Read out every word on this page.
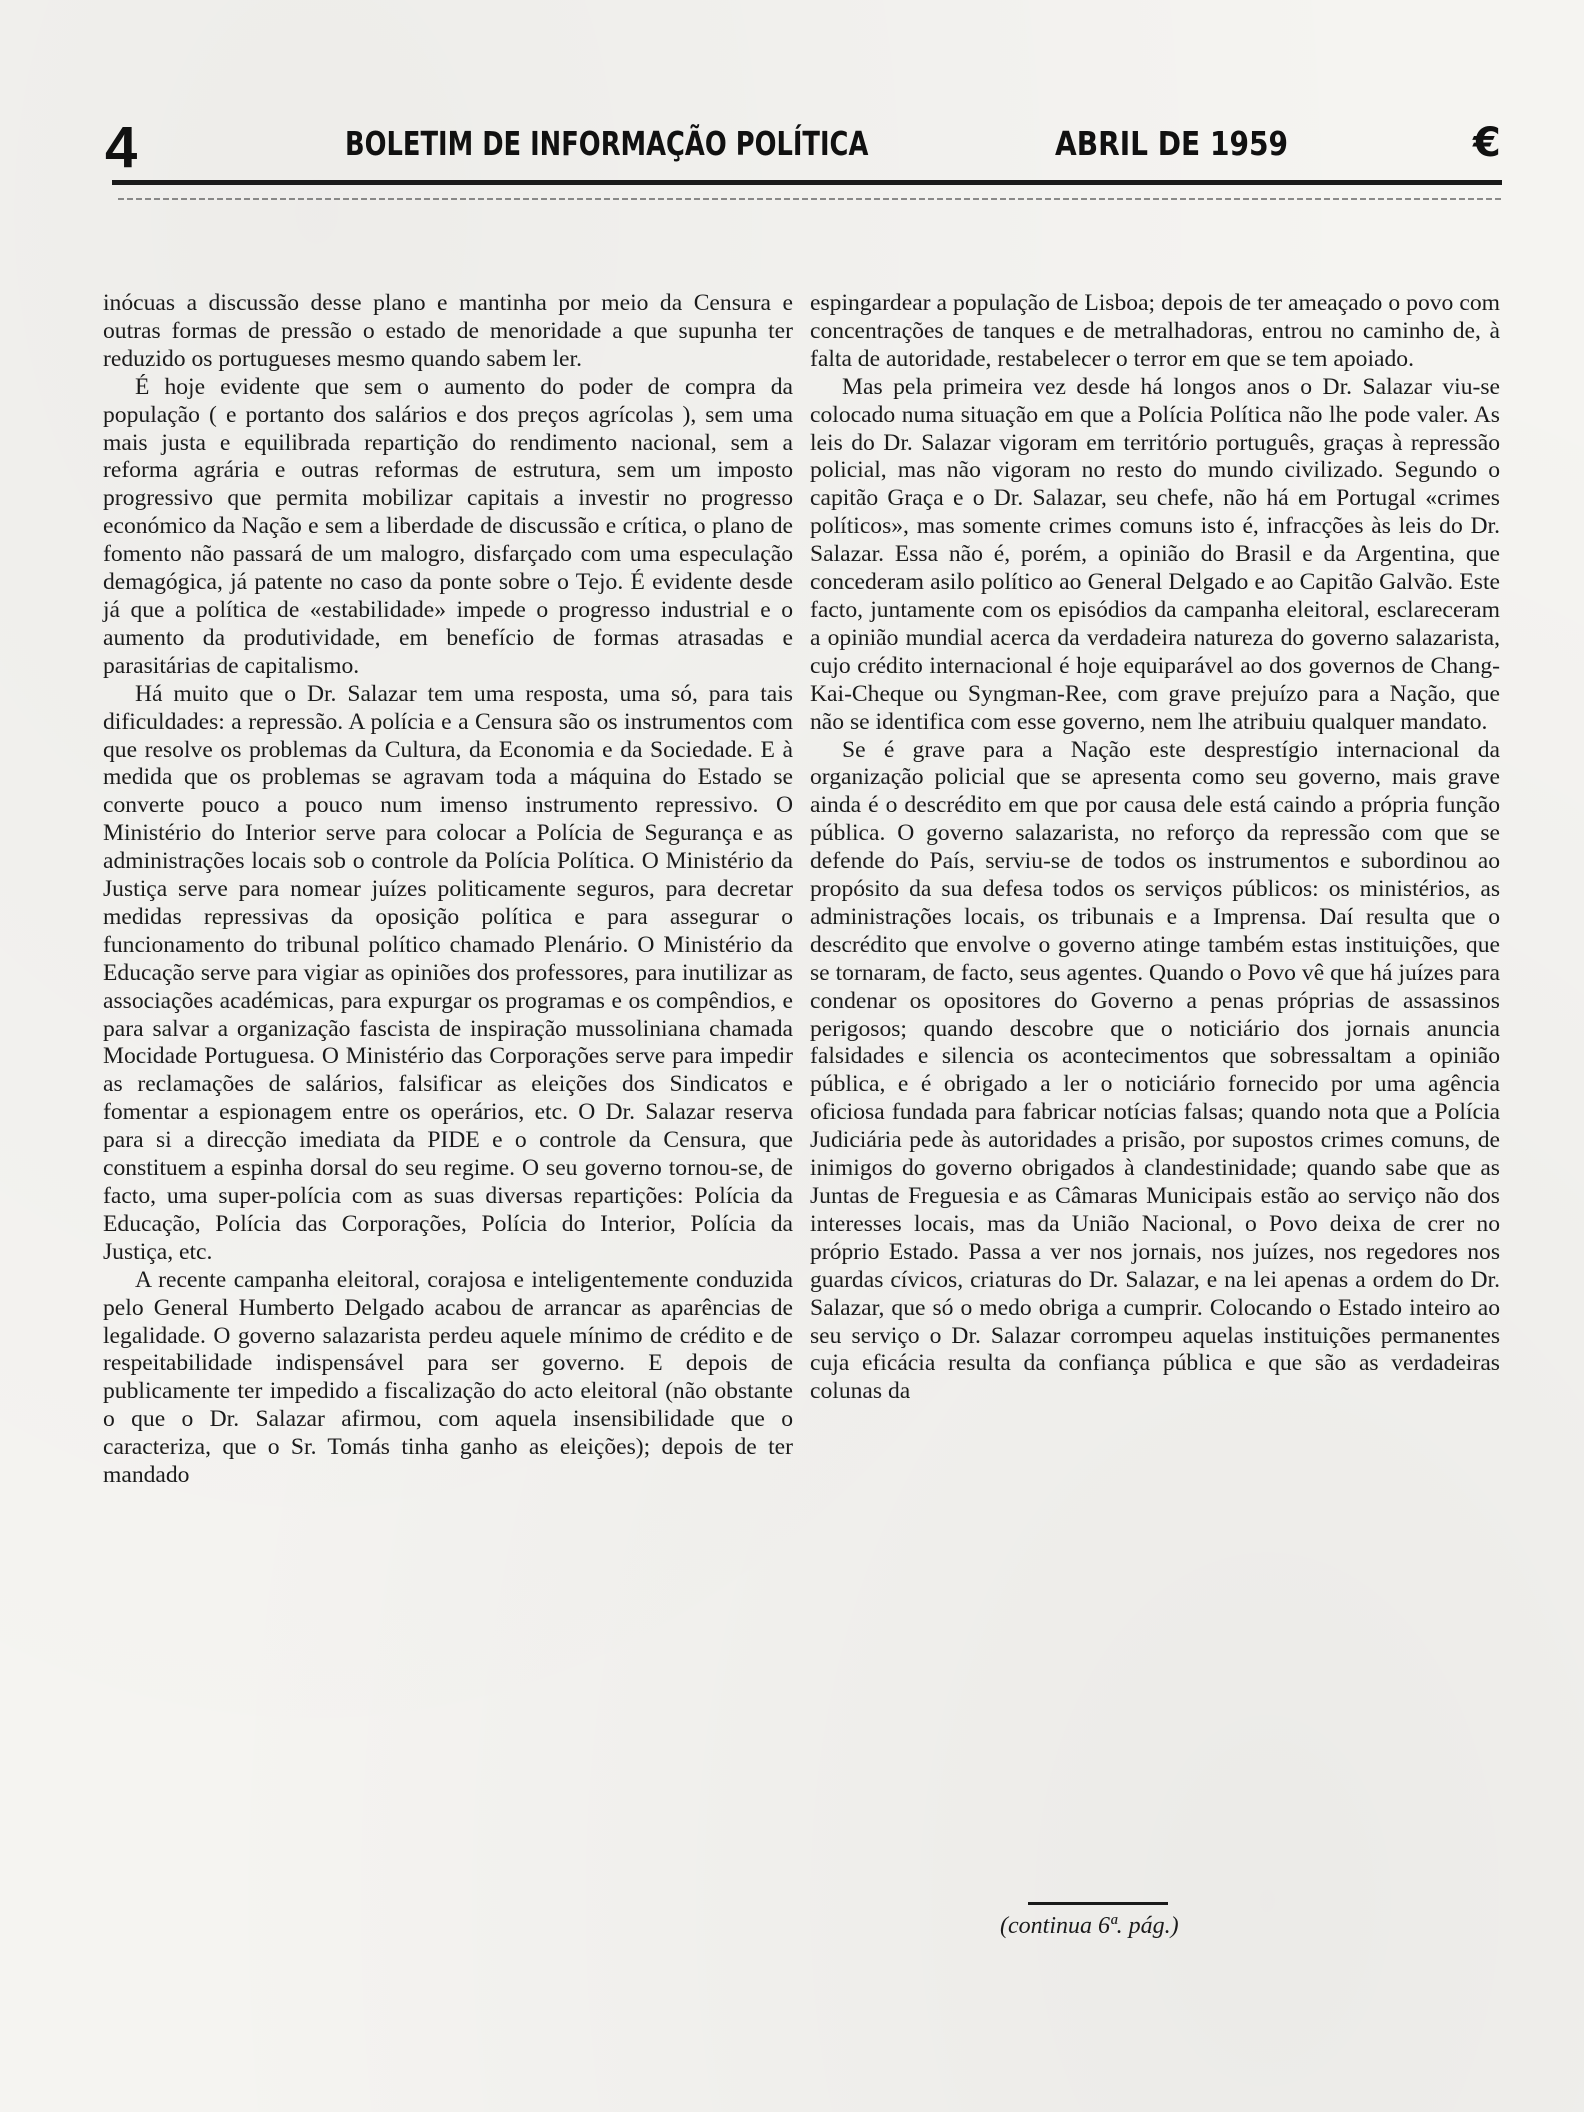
4	BOLETIM DE INFORMAÇÃO POLÍTICA	ABRIL DE 1959	€

inócuas a discussão desse plano e mantinha por meio da Censura e outras formas de pressão o estado de menoridade a que supunha ter reduzido os portugueses mesmo quando sabem ler.

É hoje evidente que sem o aumento do poder de compra da população ( e portanto dos salários e dos preços agrícolas ), sem uma mais justa e equilibrada repartição do rendimento nacional, sem a reforma agrária e outras reformas de estrutura, sem um imposto progressivo que permita mobilizar capitais a investir no progresso económico da Nação e sem a liberdade de discussão e crítica, o plano de fomento não passará de um malogro, disfarçado com uma especulação demagógica, já patente no caso da ponte sobre o Tejo. É evidente desde já que a política de «estabilidade» impede o progresso industrial e o aumento da produtividade, em benefício de formas atrasadas e parasitárias de capitalismo.

Há muito que o Dr. Salazar tem uma resposta, uma só, para tais dificuldades: a repressão. A polícia e a Censura são os instrumentos com que resolve os problemas da Cultura, da Economia e da Sociedade. E à medida que os problemas se agravam toda a máquina do Estado se converte pouco a pouco num imenso instrumento repressivo. O Ministério do Interior serve para colocar a Polícia de Segurança e as administrações locais sob o controle da Polícia Política. O Ministério da Justiça serve para nomear juízes politicamente seguros, para decretar medidas repressivas da oposição política e para assegurar o funcionamento do tribunal político chamado Plenário. O Ministério da Educação serve para vigiar as opiniões dos professores, para inutilizar as associações académicas, para expurgar os programas e os compêndios, e para salvar a organização fascista de inspiração mussoliniana chamada Mocidade Portuguesa. O Ministério das Corporações serve para impedir as reclamações de salários, falsificar as eleições dos Sindicatos e fomentar a espionagem entre os operários, etc. O Dr. Salazar reserva para si a direcção imediata da PIDE e o controle da Censura, que constituem a espinha dorsal do seu regime. O seu governo tornou-se, de facto, uma super-polícia com as suas diversas repartições: Polícia da Educação, Polícia das Corporações, Polícia do Interior, Polícia da Justiça, etc.

A recente campanha eleitoral, corajosa e inteligentemente conduzida pelo General Humberto Delgado acabou de arrancar as aparências de legalidade. O governo salazarista perdeu aquele mínimo de crédito e de respeitabilidade indispensável para ser governo. E depois de publicamente ter impedido a fiscalização do acto eleitoral (não obstante o que o Dr. Salazar afirmou, com aquela insensibilidade que o caracteriza, que o Sr. Tomás tinha ganho as eleições); depois de ter mandado

espingardear a população de Lisboa; depois de ter ameaçado o povo com concentrações de tanques e de metralhadoras, entrou no caminho de, à falta de autoridade, restabelecer o terror em que se tem apoiado.

Mas pela primeira vez desde há longos anos o Dr. Salazar viu-se colocado numa situação em que a Polícia Política não lhe pode valer. As leis do Dr. Salazar vigoram em território português, graças à repressão policial, mas não vigoram no resto do mundo civilizado. Segundo o capitão Graça e o Dr. Salazar, seu chefe, não há em Portugal «crimes políticos», mas somente crimes comuns isto é, infracções às leis do Dr. Salazar. Essa não é, porém, a opinião do Brasil e da Argentina, que concederam asilo político ao General Delgado e ao Capitão Galvão. Este facto, juntamente com os episódios da campanha eleitoral, esclareceram a opinião mundial acerca da verdadeira natureza do governo salazarista, cujo crédito internacional é hoje equiparável ao dos governos de Chang-Kai-Cheque ou Syngman-Ree, com grave prejuízo para a Nação, que não se identifica com esse governo, nem lhe atribuiu qualquer mandato.

Se é grave para a Nação este desprestígio internacional da organização policial que se apresenta como seu governo, mais grave ainda é o descrédito em que por causa dele está caindo a própria função pública. O governo salazarista, no reforço da repressão com que se defende do País, serviu-se de todos os instrumentos e subordinou ao propósito da sua defesa todos os serviços públicos: os ministérios, as administrações locais, os tribunais e a Imprensa. Daí resulta que o descrédito que envolve o governo atinge também estas instituições, que se tornaram, de facto, seus agentes. Quando o Povo vê que há juízes para condenar os opositores do Governo a penas próprias de assassinos perigosos; quando descobre que o noticiário dos jornais anuncia falsidades e silencia os acontecimentos que sobressaltam a opinião pública, e é obrigado a ler o noticiário fornecido por uma agência oficiosa fundada para fabricar notícias falsas; quando nota que a Polícia Judiciária pede às autoridades a prisão, por supostos crimes comuns, de inimigos do governo obrigados à clandestinidade; quando sabe que as Juntas de Freguesia e as Câmaras Municipais estão ao serviço não dos interesses locais, mas da União Nacional, o Povo deixa de crer no próprio Estado. Passa a ver nos jornais, nos juízes, nos regedores nos guardas cívicos, criaturas do Dr. Salazar, e na lei apenas a ordem do Dr. Salazar, que só o medo obriga a cumprir. Colocando o Estado inteiro ao seu serviço o Dr. Salazar corrompeu aquelas instituições permanentes cuja eficácia resulta da confiança pública e que são as verdadeiras colunas da

(continua 6ª. pág.)
